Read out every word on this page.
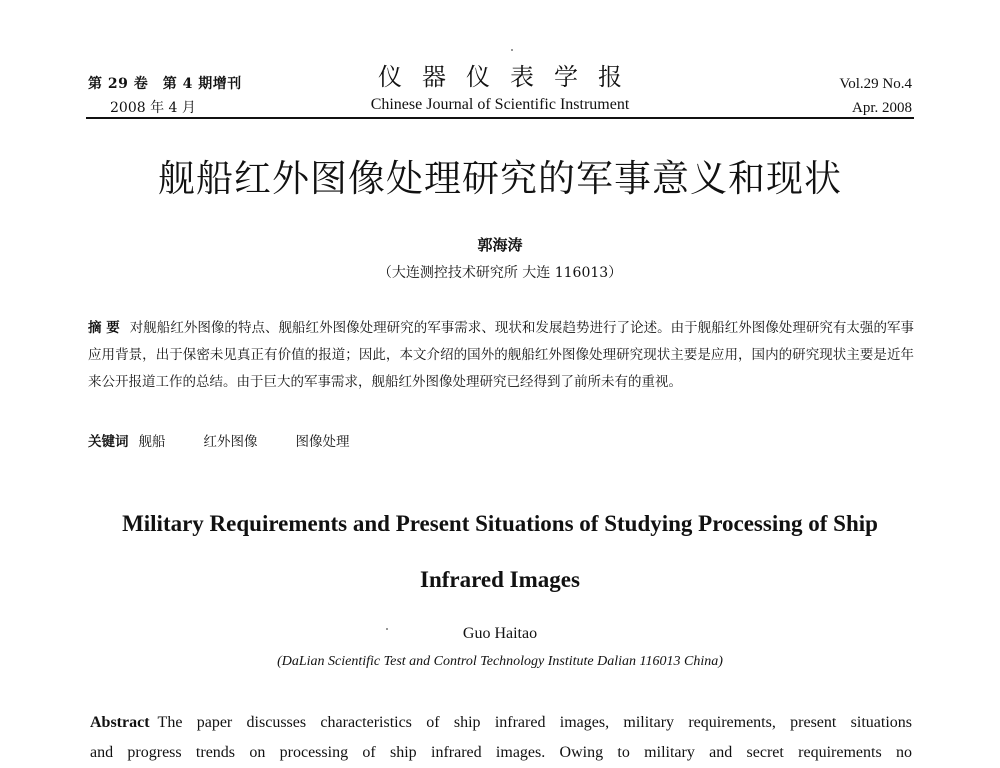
第 29 卷　第 4 期增刊
2008 年 4 月
仪器仪表学报
Chinese Journal of Scientific Instrument
Vol.29 No.4
Apr. 2008
舰船红外图像处理研究的军事意义和现状
郭海涛
（大连测控技术研究所 大连 116013）
摘 要 对舰船红外图像的特点、舰船红外图像处理研究的军事需求、现状和发展趋势进行了论述。由于舰船红外图像处理研究有太强的军事应用背景，出于保密未见真正有价值的报道；因此，本文介绍的国外的舰船红外图像处理研究现状主要是应用，国内的研究现状主要是近年来公开报道工作的总结。由于巨大的军事需求，舰船红外图像处理研究已经得到了前所未有的重视。
关键词 舰船	红外图像	图像处理
Military Requirements and Present Situations of Studying Processing of Ship
Infrared Images
Guo Haitao
(DaLian Scientific Test and Control Technology Institute Dalian 116013 China)
Abstract The paper discusses characteristics of ship infrared images, military requirements, present situations
and progress trends on processing of ship infrared images. Owing to military and secret requirements no
